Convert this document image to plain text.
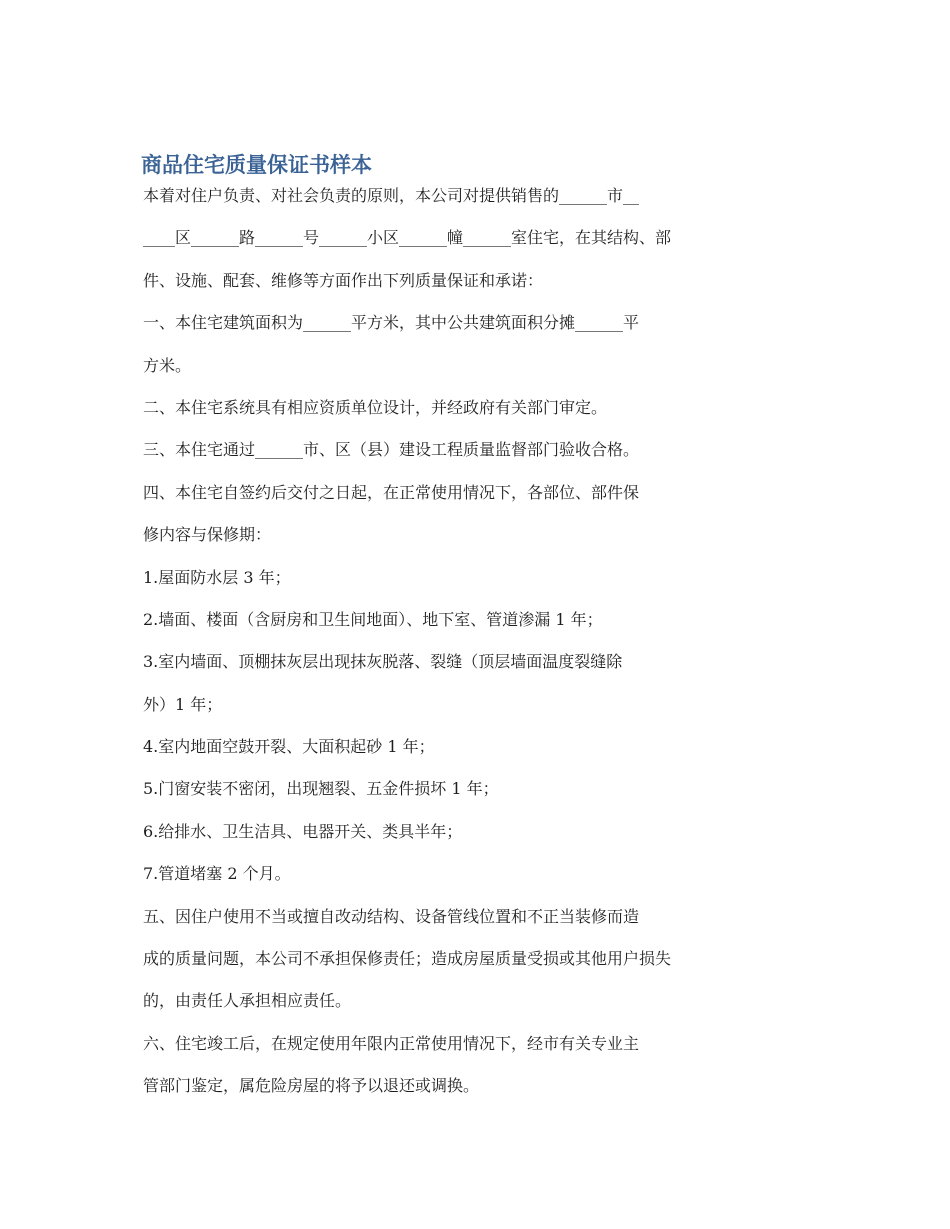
商品住宅质量保证书样本

本着对住户负责、对社会负责的原则，本公司对提供销售的______市__

____区______路______号______小区______幢______室住宅，在其结构、部

件、设施、配套、维修等方面作出下列质量保证和承诺：

一、本住宅建筑面积为______平方米，其中公共建筑面积分摊______平

方米。

二、本住宅系统具有相应资质单位设计，并经政府有关部门审定。

三、本住宅通过______市、区（县）建设工程质量监督部门验收合格。

四、本住宅自签约后交付之日起，在正常使用情况下，各部位、部件保

修内容与保修期：

1.屋面防水层 3 年；

2.墙面、楼面（含厨房和卫生间地面）、地下室、管道渗漏 1 年；

3.室内墙面、顶棚抹灰层出现抹灰脱落、裂缝（顶层墙面温度裂缝除

外）1 年；

4.室内地面空鼓开裂、大面积起砂 1 年；

5.门窗安装不密闭，出现翘裂、五金件损坏 1 年；

6.给排水、卫生洁具、电器开关、类具半年；

7.管道堵塞 2 个月。

五、因住户使用不当或擅自改动结构、设备管线位置和不正当装修而造

成的质量问题，本公司不承担保修责任；造成房屋质量受损或其他用户损失

的，由责任人承担相应责任。

六、住宅竣工后，在规定使用年限内正常使用情况下，经市有关专业主

管部门鉴定，属危险房屋的将予以退还或调换。
